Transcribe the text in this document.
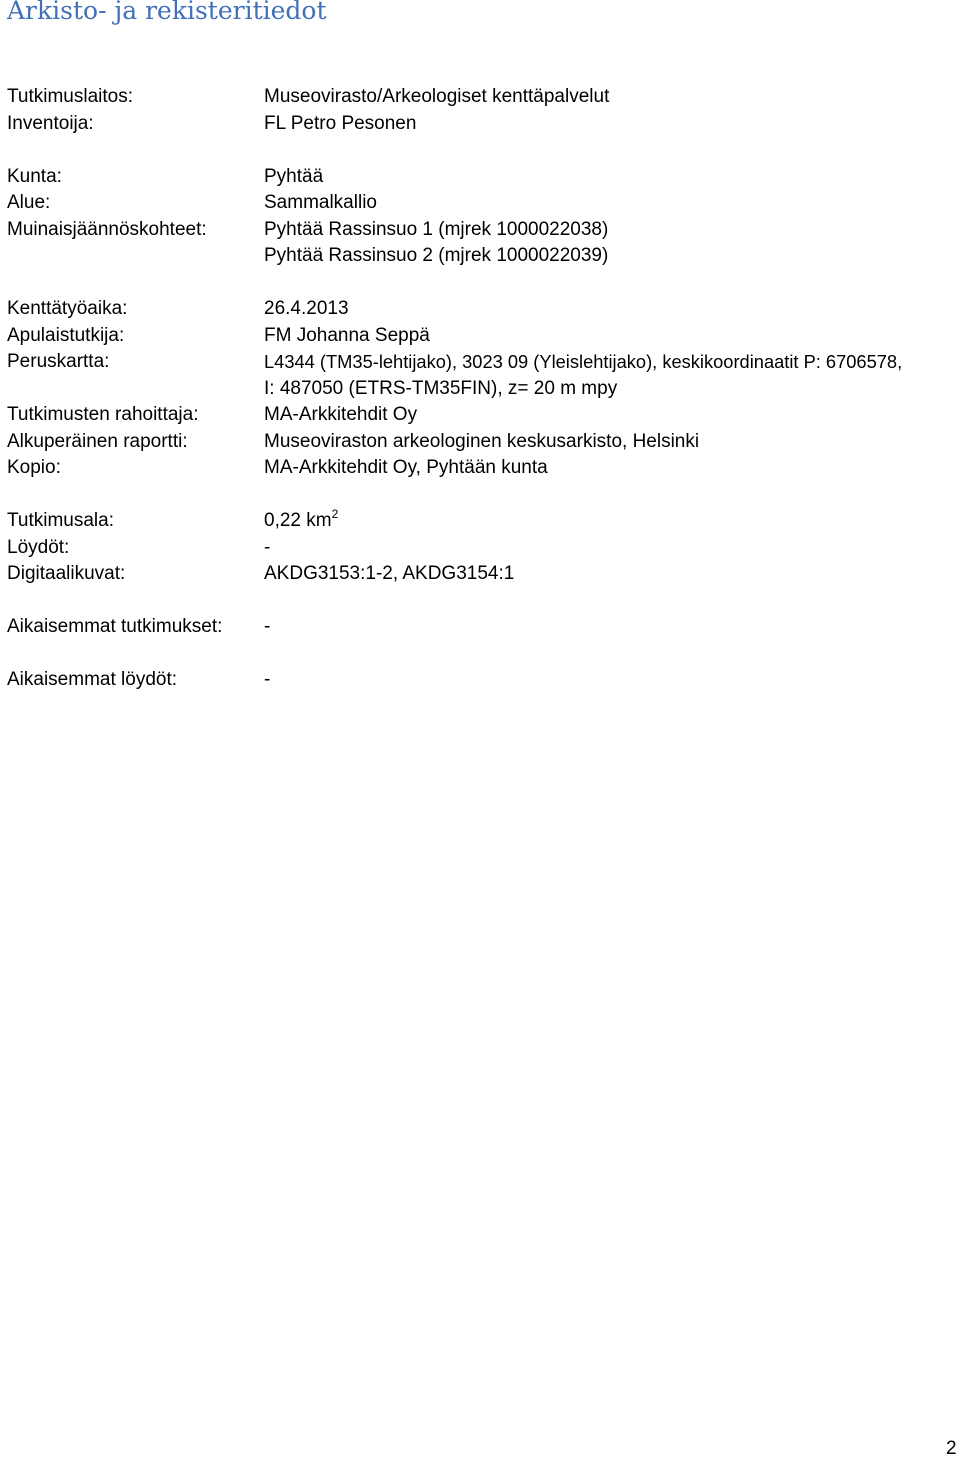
Arkisto- ja rekisteritiedot
Tutkimuslaitos:	Museovirasto/Arkeologiset kenttäpalvelut
Inventoija:	FL Petro Pesonen
Kunta:	Pyhtää
Alue:	Sammalkallio
Muinaisjäännöskohteet:	Pyhtää Rassinsuo 1 (mjrek 1000022038)
Pyhtää Rassinsuo 2 (mjrek 1000022039)
Kenttätyöaika:	26.4.2013
Apulaistutkija:	FM Johanna Seppä
Peruskartta:	L4344 (TM35-lehtijako), 3023 09 (Yleislehtijako), keskikoordinaatit P: 6706578,
I: 487050 (ETRS-TM35FIN), z= 20 m mpy
Tutkimusten rahoittaja:	MA-Arkkitehdit Oy
Alkuperäinen raportti:	Museoviraston arkeologinen keskusarkisto, Helsinki
Kopio:	MA-Arkkitehdit Oy, Pyhtään kunta
Tutkimusala:	0,22 $km^2$
Löydöt:	-
Digitaalikuvat:	AKDG3153:1-2, AKDG3154:1
Aikaisemmat tutkimukset: -
Aikaisemmat löydöt:	-
2
